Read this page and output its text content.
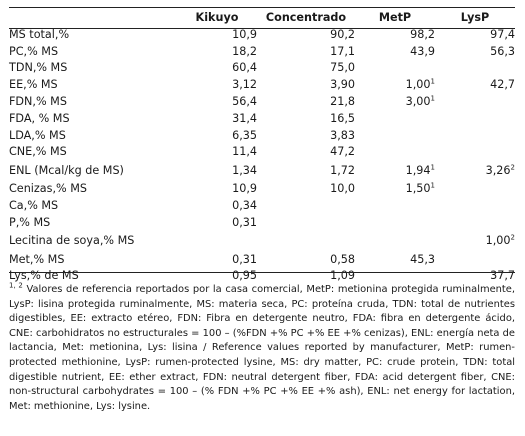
	Kikuyo	Concentrado	MetP	LysP
MS total,%	10,9	90,2	98,2	97,4
PC,% MS	18,2	17,1	43,9	56,3
TDN,% MS	60,4	75,0		
EE,% MS	3,12	3,90	1,00$^1$	42,7
FDN,% MS	56,4	21,8	3,00$^1$	
FDA, % MS	31,4	16,5		
LDA,% MS	6,35	3,83		
CNE,% MS	11,4	47,2		
ENL (Mcal/kg de MS)	1,34	1,72	1,94$^1$	3,26$^2$
Cenizas,% MS	10,9	10,0	1,50$^1$	
Ca,% MS	0,34			
P,% MS	0,31			
Lecitina de soya,% MS				1,00$^2$
Met,% MS	0,31	0,58	45,3	
Lys,% de MS	0,95	1,09		37,7
$^{1, 2}$ Valores de referencia reportados por la casa comercial, MetP: metionina protegida ruminalmente, LysP: lisina protegida ruminalmente, MS: materia seca, PC: proteína cruda, TDN: total de nutrientes digestibles, EE: extracto etéreo, FDN: Fibra en detergente neutro, FDA: fibra en detergente ácido, CNE: carbohidratos no estructurales = 100 – (%FDN +% PC +% EE +% cenizas), ENL: energía neta de lactancia, Met: metionina, Lys: lisina / Reference values reported by manufacturer, MetP: rumen-protected methionine, LysP: rumen-protected lysine, MS: dry matter, PC: crude protein, TDN: total digestible nutrient, EE: ether extract, FDN: neutral detergent fiber, FDA: acid detergent fiber, CNE: non-structural carbohydrates = 100 – (% FDN +% PC +% EE +% ash), ENL: net energy for lactation, Met: methionine, Lys: lysine.
